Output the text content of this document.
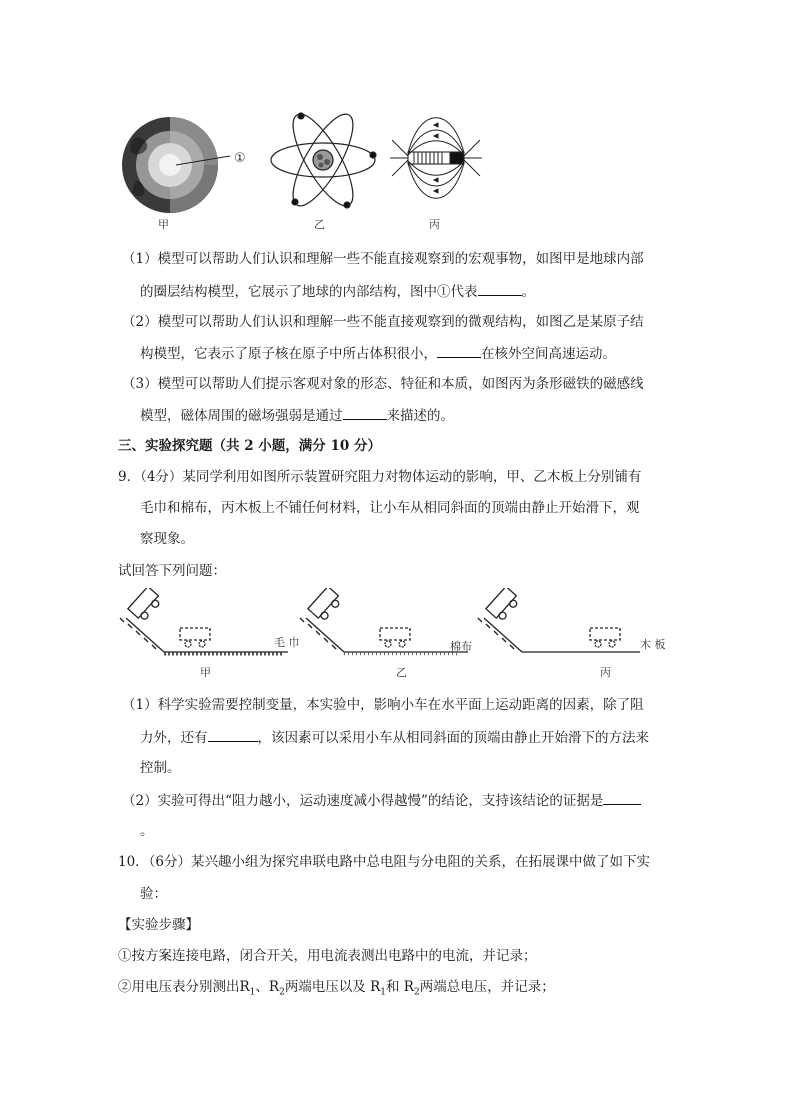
①
甲	乙	丙
（1）模型可以帮助人们认识和理解一些不能直接观察到的宏观事物，如图甲是地球内部
的圈层结构模型，它展示了地球的内部结构，图中①代表	。
（2）模型可以帮助人们认识和理解一些不能直接观察到的微观结构，如图乙是某原子结
构模型，它表示了原子核在原子中所占体积很小，	在核外空间高速运动。
（3）模型可以帮助人们提示客观对象的形态、特征和本质，如图丙为条形磁铁的磁感线
模型，磁体周围的磁场强弱是通过	来描述的。
三、实验探究题（共 2 小题，满分 10 分）
9．（4分）某同学利用如图所示装置研究阻力对物体运动的影响，甲、乙木板上分别铺有
毛巾和棉布，丙木板上不铺任何材料，让小车从相同斜面的顶端由静止开始滑下，观
察现象。
试回答下列问题：
毛 巾
甲
棉布
乙
木 板
丙
（1）科学实验需要控制变量，本实验中，影响小车在水平面上运动距离的因素，除了阻
力外，还有	，该因素可以采用小车从相同斜面的顶端由静止开始滑下的方法来
控制。
（2）实验可得出“阻力越小，运动速度减小得越慢”的结论，支持该结论的证据是
。
10．（6分）某兴趣小组为探究串联电路中总电阻与分电阻的关系，在拓展课中做了如下实
验：
【实验步骤】
①按方案连接电路，闭合开关，用电流表测出电路中的电流，并记录；
②用电压表分别测出$R_1$、$R_2$两端电压以及 $R_1$和 $R_2$两端总电压，并记录；
